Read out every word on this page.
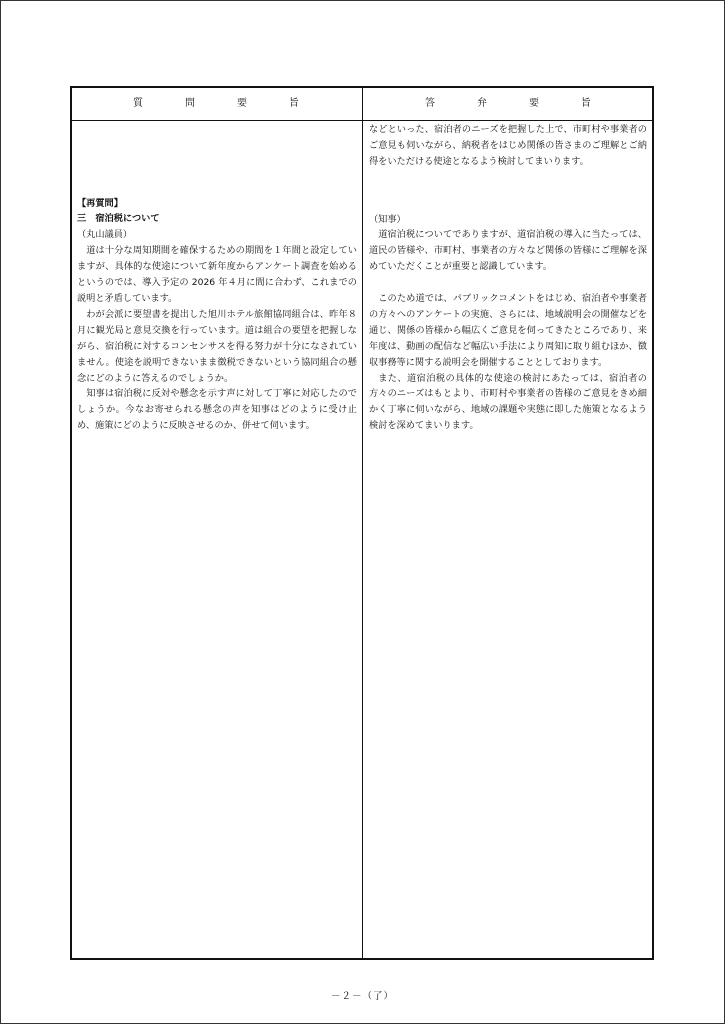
質問要旨	答弁要旨

【再質問】

三　宿泊税について

（丸山議員）

道は十分な周知期間を確保するための期間を１年間と設定していますが、具体的な使途について新年度からアンケート調査を始めるというのでは、導入予定の 2026 年４月に間に合わず、これまでの説明と矛盾しています。

わが会派に要望書を提出した旭川ホテル旅館協同組合は、昨年８月に観光局と意見交換を行っています。道は組合の要望を把握しながら、宿泊税に対するコンセンサスを得る努力が十分になされていません。使途を説明できないまま徴税できないという協同組合の懸念にどのように答えるのでしょうか。

知事は宿泊税に反対や懸念を示す声に対して丁寧に対応したのでしょうか。今なお寄せられる懸念の声を知事はどのように受け止め、施策にどのように反映させるのか、併せて伺います。

などといった、宿泊者のニーズを把握した上で、市町村や事業者のご意見も伺いながら、納税者をはじめ関係の皆さまのご理解とご納得をいただける使途となるよう検討してまいります。

（知事）

道宿泊税についてでありますが、道宿泊税の導入に当たっては、道民の皆様や、市町村、事業者の方々など関係の皆様にご理解を深めていただくことが重要と認識しています。

このため道では、パブリックコメントをはじめ、宿泊者や事業者の方々へのアンケートの実施、さらには、地域説明会の開催などを通じ、関係の皆様から幅広くご意見を伺ってきたところであり、来年度は、動画の配信など幅広い手法により周知に取り組むほか、徴収事務等に関する説明会を開催することとしております。

また、道宿泊税の具体的な使途の検討にあたっては、宿泊者の方々のニーズはもとより、市町村や事業者の皆様のご意見をきめ細かく丁寧に伺いながら、地域の課題や実態に即した施策となるよう検討を深めてまいります。

－２－（了）
